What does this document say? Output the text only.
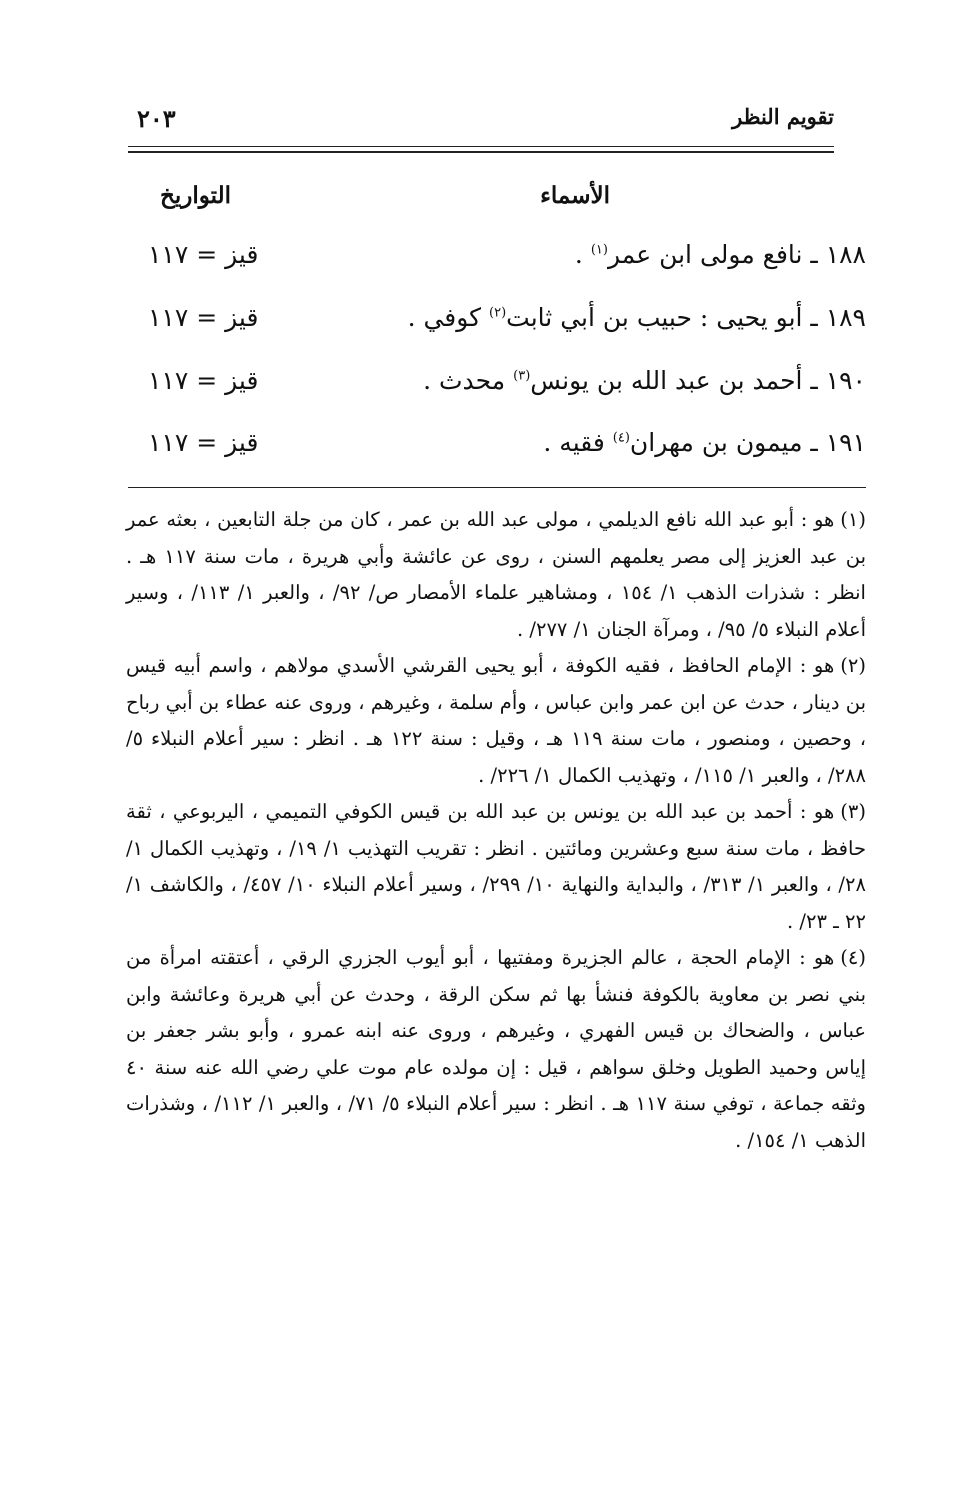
تقويم النظر
٢٠٣
الأسماء
التواريخ
١٨٨ ـ نافع مولى ابن عمر$^{(١)}$ .
قيز = ١١٧
١٨٩ ـ أبو يحيى : حبيب بن أبي ثابت$^{(٢)}$ كوفي .
قيز = ١١٧
١٩٠ ـ أحمد بن عبد الله بن يونس$^{(٣)}$ محدث .
قيز = ١١٧
١٩١ ـ ميمون بن مهران$^{(٤)}$ فقيه .
قيز = ١١٧
(١)هو : أبو عبد الله نافع الديلمي ، مولى عبد الله بن عمر ، كان من جلة التابعين ، بعثه عمر بن عبد العزيز إلى مصر يعلمهم السنن ، روى عن عائشة وأبي هريرة ، مات سنة ١١٧ هـ . انظر : شذرات الذهب ١/ ١٥٤ ، ومشاهير علماء الأمصار ص/ ٩٢/ ، والعبر ١/ ١١٣/ ، وسير أعلام النبلاء ٥/ ٩٥/ ، ومرآة الجنان ١/ ٢٧٧/ .
(٢)هو : الإمام الحافظ ، فقيه الكوفة ، أبو يحيى القرشي الأسدي مولاهم ، واسم أبيه قيس بن دينار ، حدث عن ابن عمر وابن عباس ، وأم سلمة ، وغيرهم ، وروى عنه عطاء بن أبي رباح ، وحصين ، ومنصور ، مات سنة ١١٩ هـ ، وقيل : سنة ١٢٢ هـ . انظر : سير أعلام النبلاء ٥/ ٢٨٨/ ، والعبر ١/ ١١٥/ ، وتهذيب الكمال ١/ ٢٢٦/ .
(٣)هو : أحمد بن عبد الله بن يونس بن عبد الله بن قيس الكوفي التميمي ، اليربوعي ، ثقة حافظ ، مات سنة سبع وعشرين ومائتين . انظر : تقريب التهذيب ١/ ١٩/ ، وتهذيب الكمال ١/ ٢٨/ ، والعبر ١/ ٣١٣/ ، والبداية والنهاية ١٠/ ٢٩٩/ ، وسير أعلام النبلاء ١٠/ ٤٥٧/ ، والكاشف ١/ ٢٢ ـ ٢٣/ .
(٤)هو : الإمام الحجة ، عالم الجزيرة ومفتيها ، أبو أيوب الجزري الرقي ، أعتقته امرأة من بني نصر بن معاوية بالكوفة فنشأ بها ثم سكن الرقة ، وحدث عن أبي هريرة وعائشة وابن عباس ، والضحاك بن قيس الفهري ، وغيرهم ، وروى عنه ابنه عمرو ، وأبو بشر جعفر بن إياس وحميد الطويل وخلق سواهم ، قيل : إن مولده عام موت علي رضي الله عنه سنة ٤٠ وثقه جماعة ، توفي سنة ١١٧ هـ . انظر : سير أعلام النبلاء ٥/ ٧١/ ، والعبر ١/ ١١٢/ ، وشذرات الذهب ١/ ١٥٤/ .
